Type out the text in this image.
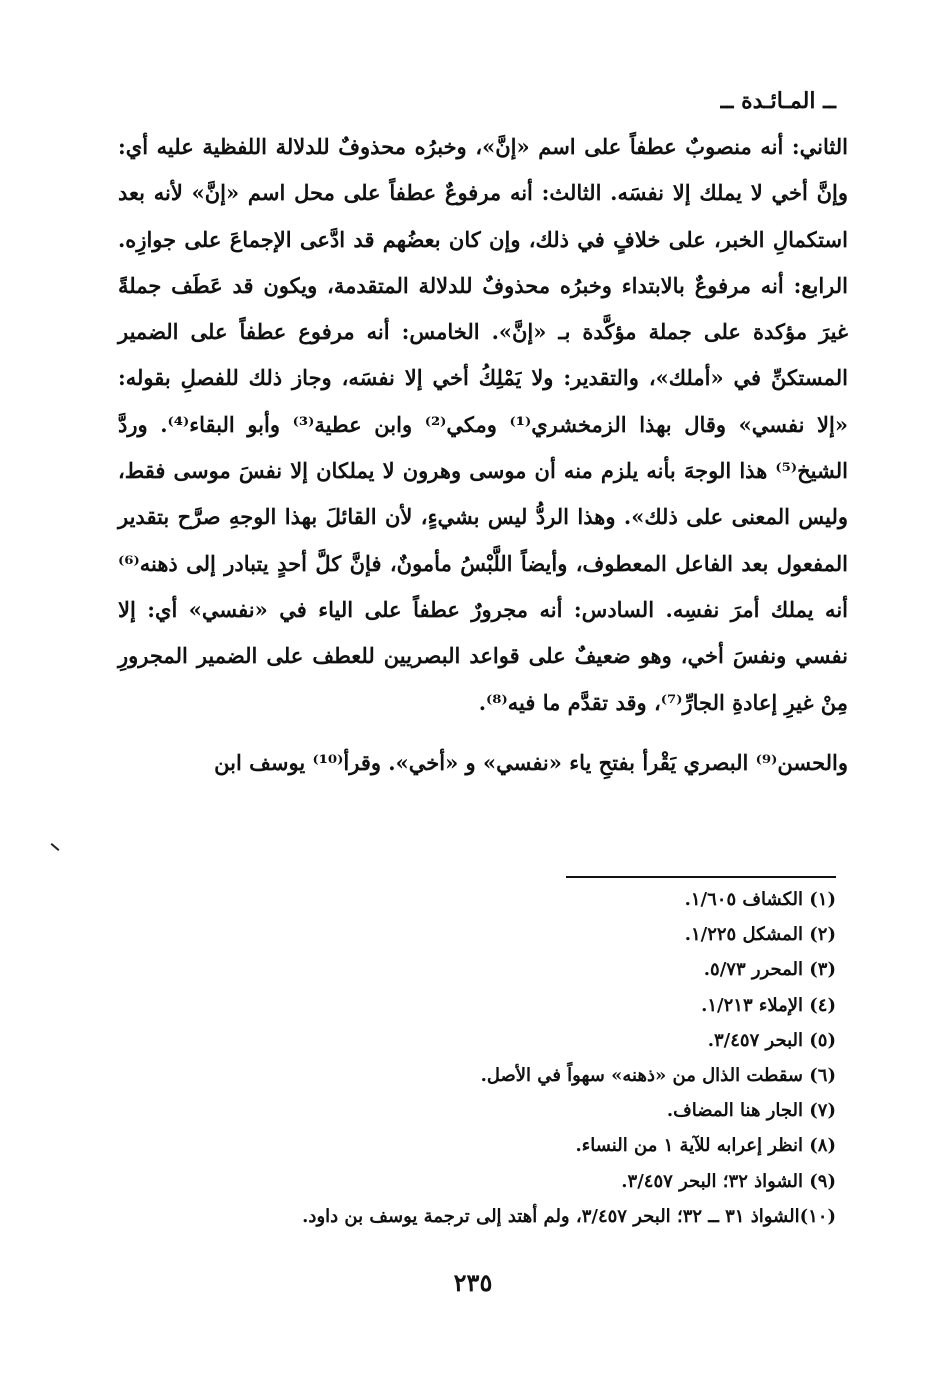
ــ المـائـدة ــ

الثاني: أنه منصوبٌ عطفاً على اسم «إنَّ»، وخبرُه محذوفٌ للدلالة اللفظية عليه أي: وإنَّ أخي لا يملك إلا نفسَه. الثالث: أنه مرفوعٌ عطفاً على محل اسم «إنَّ» لأنه بعد استكمالِ الخبر، على خلافٍ في ذلك، وإن كان بعضُهم قد ادَّعى الإجماعَ على جوازِه. الرابع: أنه مرفوعٌ بالابتداء وخبرُه محذوفٌ للدلالة المتقدمة، ويكون قد عَطَف جملةً غيرَ مؤكدة على جملة مؤكَّدة بـ «إنَّ». الخامس: أنه مرفوع عطفاً على الضمير المستكنِّ في «أملك»، والتقدير: ولا يَمْلِكُ أخي إلا نفسَه، وجاز ذلك للفصلِ بقوله: «إلا نفسي» وقال بهذا الزمخشري⁽¹⁾ ومكي⁽²⁾ وابن عطية⁽³⁾ وأبو البقاء⁽⁴⁾. وردَّ الشيخ⁽⁵⁾ هذا الوجهَ بأنه يلزم منه أن موسى وهرون لا يملكان إلا نفسَ موسى فقط، وليس المعنى على ذلك». وهذا الردُّ ليس بشيءٍ، لأن القائلَ بهذا الوجهِ صرَّح بتقدير المفعول بعد الفاعل المعطوف، وأيضاً اللَّبْسُ مأمونٌ، فإنَّ كلَّ أحدٍ يتبادر إلى ذهنه⁽⁶⁾ أنه يملك أمرَ نفسِه. السادس: أنه مجرورٌ عطفاً على الياء في «نفسي» أي: إلا نفسي ونفسَ أخي، وهو ضعيفٌ على قواعد البصريين للعطف على الضمير المجرورِ مِنْ غيرِ إعادةِ الجارِّ⁽⁷⁾، وقد تقدَّم ما فيه⁽⁸⁾.

والحسن⁽⁹⁾ البصري يَقْرأ بفتحِ ياء «نفسي» و «أخي». وقرأ⁽¹⁰⁾ يوسف ابن

(١) الكشاف ١/٦٠٥.

(٢) المشكل ١/٢٢٥.

(٣) المحرر ٥/٧٣.

(٤) الإملاء ١/٢١٣.

(٥) البحر ٣/٤٥٧.

(٦) سقطت الذال من «ذهنه» سهواً في الأصل.

(٧) الجار هنا المضاف.

(٨) انظر إعرابه للآية ١ من النساء.

(٩) الشواذ ٣٢؛ البحر ٣/٤٥٧.

(١٠)الشواذ ٣١ ــ ٣٢؛ البحر ٣/٤٥٧، ولم أهتد إلى ترجمة يوسف بن داود.

٢٣٥
